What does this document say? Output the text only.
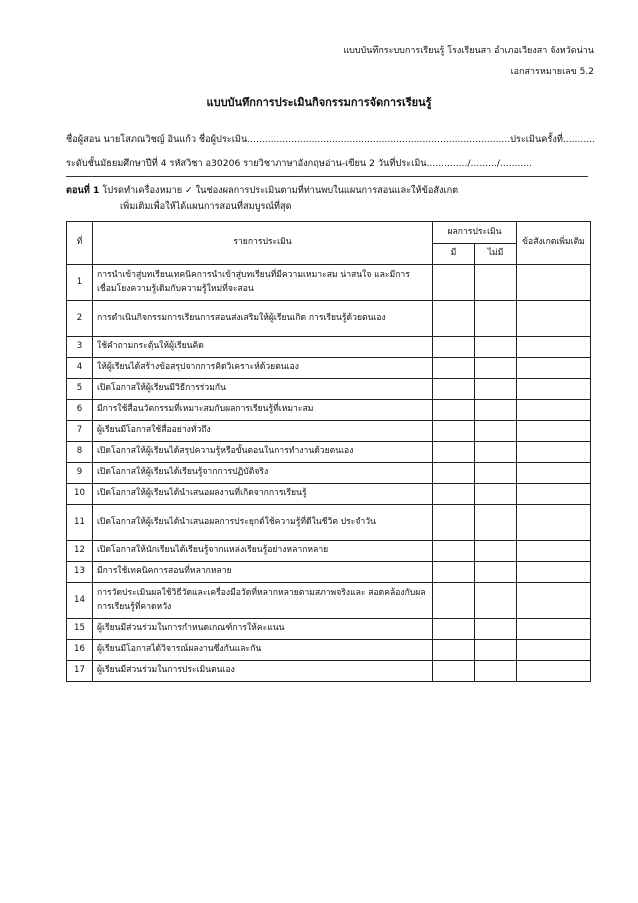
แบบบันทึกระบบการเรียนรู้ โรงเรียนสา อำเภอเวียงสา จังหวัดน่าน
เอกสารหมายเลข 5.2
แบบบันทึกการประเมินกิจกรรมการจัดการเรียนรู้
ชื่อผู้สอน นายโสภณวิชญ์ อินแก้ว ชื่อผู้ประเมิน..........................................................................................ประเมินครั้งที่...........
ระดับชั้นมัธยมศึกษาปีที่ 4 รหัสวิชา อ30206 รายวิชาภาษาอังกฤษอ่าน-เขียน 2 วันที่ประเมิน............../........./...........
ตอนที่ 1 โปรดทำเครื่องหมาย ✓ ในช่องผลการประเมินตามที่ท่านพบในแผนการสอนและให้ข้อสังเกต
เพิ่มเติมเพื่อให้ได้แผนการสอนที่สมบูรณ์ที่สุด
ที่	รายการประเมิน	ผลการประเมิน		ข้อสังเกตเพิ่มเติม
		มี	ไม่มี	
1	การนำเข้าสู่บทเรียนเทคนิคการนำเข้าสู่บทเรียนที่มีความเหมาะสม น่าสนใจ และมีการเชื่อมโยงความรู้เดิมกับความรู้ใหม่ที่จะสอน			
2	การดำเนินกิจกรรมการเรียนการสอนส่งเสริมให้ผู้เรียนเกิด การเรียนรู้ด้วยตนเอง			
3	ใช้คำถามกระตุ้นให้ผู้เรียนคิด			
4	ให้ผู้เรียนได้สร้างข้อสรุปจากการคิดวิเคราะห์ด้วยตนเอง			
5	เปิดโอกาสให้ผู้เรียนมีวิธีการร่วมกัน			
6	มีการใช้สื่อนวัตกรรมที่เหมาะสมกับผลการเรียนรู้ที่เหมาะสม			
7	ผู้เรียนมีโอกาสใช้สื่ออย่างทั่วถึง			
8	เปิดโอกาสให้ผู้เรียนได้สรุปความรู้หรือขั้นตอนในการทำงานด้วยตนเอง			
9	เปิดโอกาสให้ผู้เรียนได้เรียนรู้จากการปฏิบัติจริง			
10	เปิดโอกาสให้ผู้เรียนได้นำเสนอผลงานที่เกิดจากการเรียนรู้			
11	เปิดโอกาสให้ผู้เรียนได้นำเสนอผลการประยุกต์ใช้ความรู้ที่ดีในชีวิต ประจำวัน			
12	เปิดโอกาสให้นักเรียนได้เรียนรู้จากแหล่งเรียนรู้อย่างหลากหลาย			
13	มีการใช้เทคนิคการสอนที่หลากหลาย			
14	การวัดประเมินผลใช้วิธีวัดและเครื่องมือวัดที่หลากหลายตามสภาพจริงและ สอดคล้องกับผลการเรียนรู้ที่คาดหวัง			
15	ผู้เรียนมีส่วนร่วมในการกำหนดเกณฑ์การให้คะแนน			
16	ผู้เรียนมีโอกาสได้วิจารณ์ผลงานซึ่งกันและกัน			
17	ผู้เรียนมีส่วนร่วมในการประเมินตนเอง			
